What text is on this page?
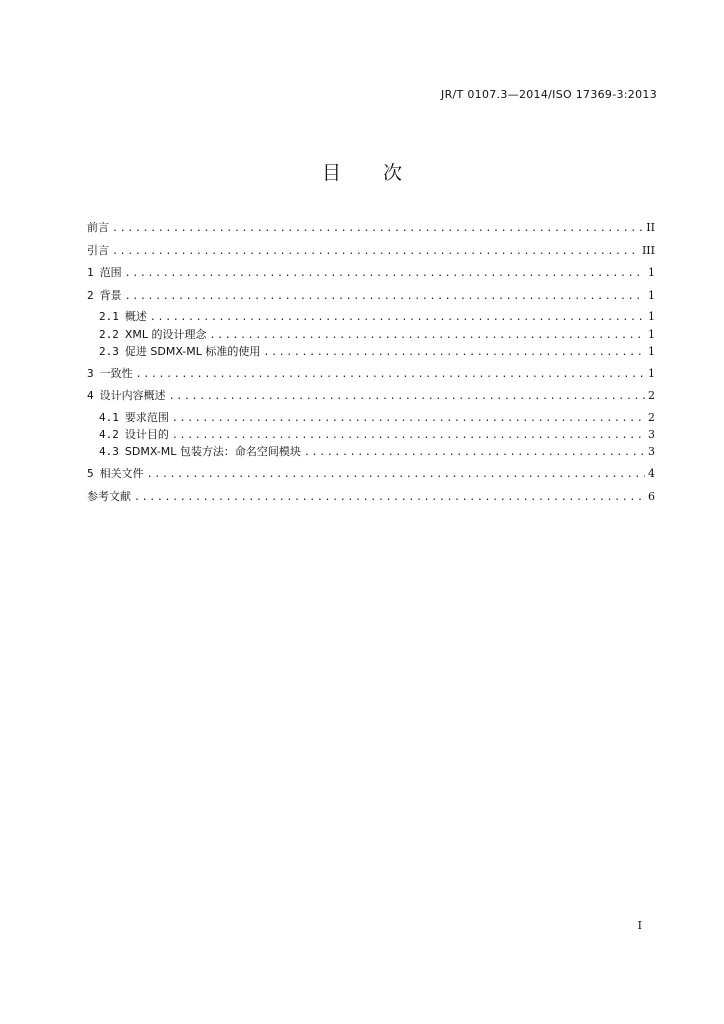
JR/T 0107.3—2014/ISO 17369-3:2013
目 次
前言 .....	II
引言 .....	III
1 范围 .....	1
2 背景 .....	1
2.1 概述 .....	1
2.2 XML 的设计理念 .....	1
2.3 促进 SDMX-ML 标准的使用 .....	1
3 一致性 .....	1
4 设计内容概述 .....	2
4.1 要求范围 .....	2
4.2 设计目的 .....	3
4.3 SDMX-ML 包装方法：命名空间模块 .....	3
5 相关文件 .....	4
参考文献 .....	6
I
